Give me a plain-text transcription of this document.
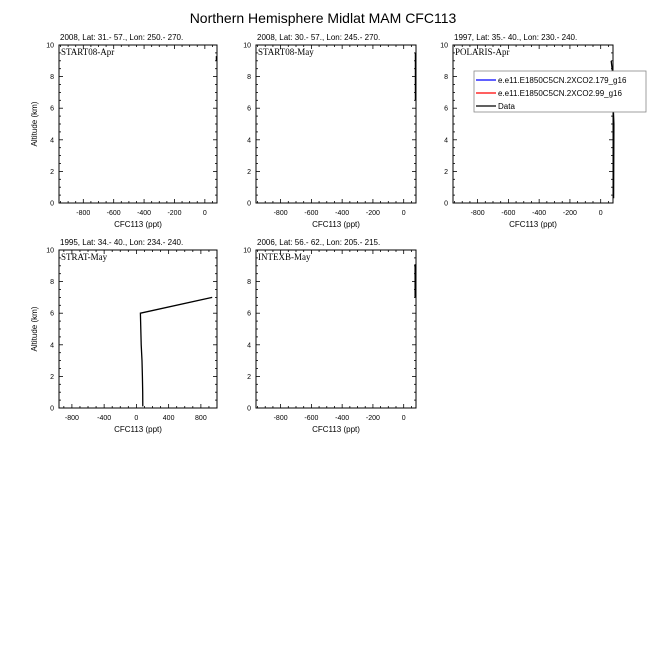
Northern Hemisphere Midlat MAM CFC113
2008, Lat: 31.- 57., Lon: 250.- 270.
START08-Apr
-800 -600 -400 -200	0
0
2
4
6
8
10
CFC113 (ppt)
Altitude (km)
2008, Lat: 30.- 57., Lon: 245.- 270.
START08-May
-800 -600 -400 -200	0
0
2
4
6
8
10
CFC113 (ppt)
1997, Lat: 35.- 40., Lon: 230.- 240.
POLARIS-Apr
-800 -600 -400 -200	0
0
2
4
6
8
10
CFC113 (ppt)
1995, Lat: 34.- 40., Lon: 234.- 240.
STRAT-May
-800	-400	0	400	800
0
2
4
6
8
10
CFC113 (ppt)
Altitude (km)
2006, Lat: 56.- 62., Lon: 205.- 215.
INTEXB-May
-800 -600 -400 -200	0
0
2
4
6
8
10
CFC113 (ppt)
e.e11.E1850C5CN.2XCO2.179_g16
e.e11.E1850C5CN.2XCO2.99_g16
Data
